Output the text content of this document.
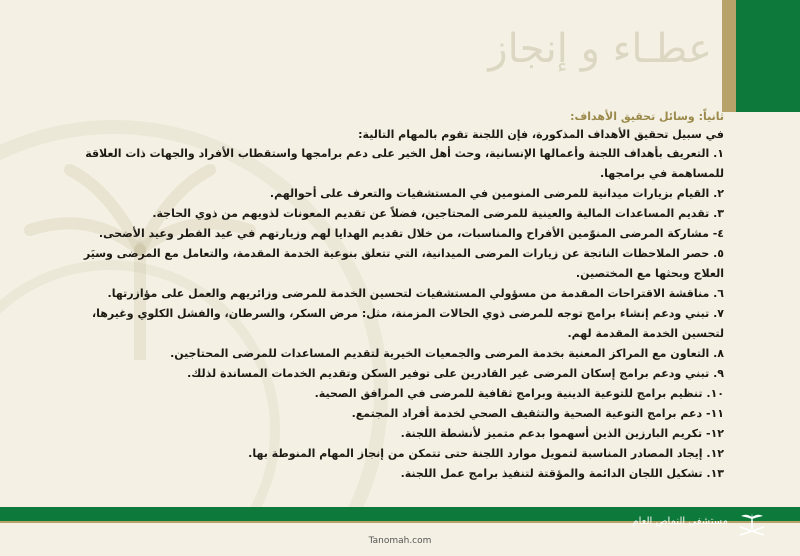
عطـاء و إنجاز
ثانياً: وسائل تحقيق الأهداف:
في سبيل تحقيق الأهداف المذكورة، فإن اللجنة تقوم بالمهام التالية:
١. التعريف بأهداف اللجنة وأعمالها الإنسانية، وحث أهل الخير على دعم برامجها واستقطاب الأفراد والجهات ذات العلاقة للمساهمة في برامجها.
٢. القيام بزيارات ميدانية للمرضى المنومين في المستشفيات والتعرف على أحوالهم.
٣. تقديم المساعدات المالية والعينية للمرضى المحتاجين، فضلاً عن تقديم المعونات لذويهم من ذوي الحاجة.
٤- مشاركة المرضى المنوّمين الأفراح والمناسبات، من خلال تقديم الهدايا لهم وزيارتهم في عيد الفطر وعيد الأضحى.
٥. حصر الملاحظات الناتجة عن زيارات المرضى الميدانية، التي تتعلق بنوعية الخدمة المقدمة، والتعامل مع المرضى وسيَر العلاج وبحثها مع المختصين.
٦. مناقشة الاقتراحات المقدمة من مسؤولي المستشفيات لتحسين الخدمة للمرضى وزائريهم والعمل على مؤازرتها.
٧. تبني ودعم إنشاء برامج توجه للمرضى ذوي الحالات المزمنة، مثل: مرض السكر، والسرطان، والفشل الكلوي وغيرها، لتحسين الخدمة المقدمة لهم.
٨. التعاون مع المراكز المعنية بخدمة المرضى والجمعيات الخيرية لتقديم المساعدات للمرضى المحتاجين.
٩. تبني ودعم برامج إسكان المرضى غير القادرين على توفير السكن وتقديم الخدمات المساندة لذلك.
١٠. تنظيم برامج للتوعية الدينية وبرامج ثقافية للمرضى في المرافق الصحية.
١١- دعم برامج التوعية الصحية والتثقيف الصحي لخدمة أفراد المجتمع.
١٢- تكريم البارزين الذين أسهموا بدعم متميز لأنشطة اللجنة.
١٢. إيجاد المصادر المناسبة لتمويل موارد اللجنة حتى تتمكن من إنجاز المهام المنوطة بها.
١٣. تشكيل اللجان الدائمة والمؤقتة لتنفيذ برامج عمل اللجنة.
مستشفى النماص العام
Tanomah.com
